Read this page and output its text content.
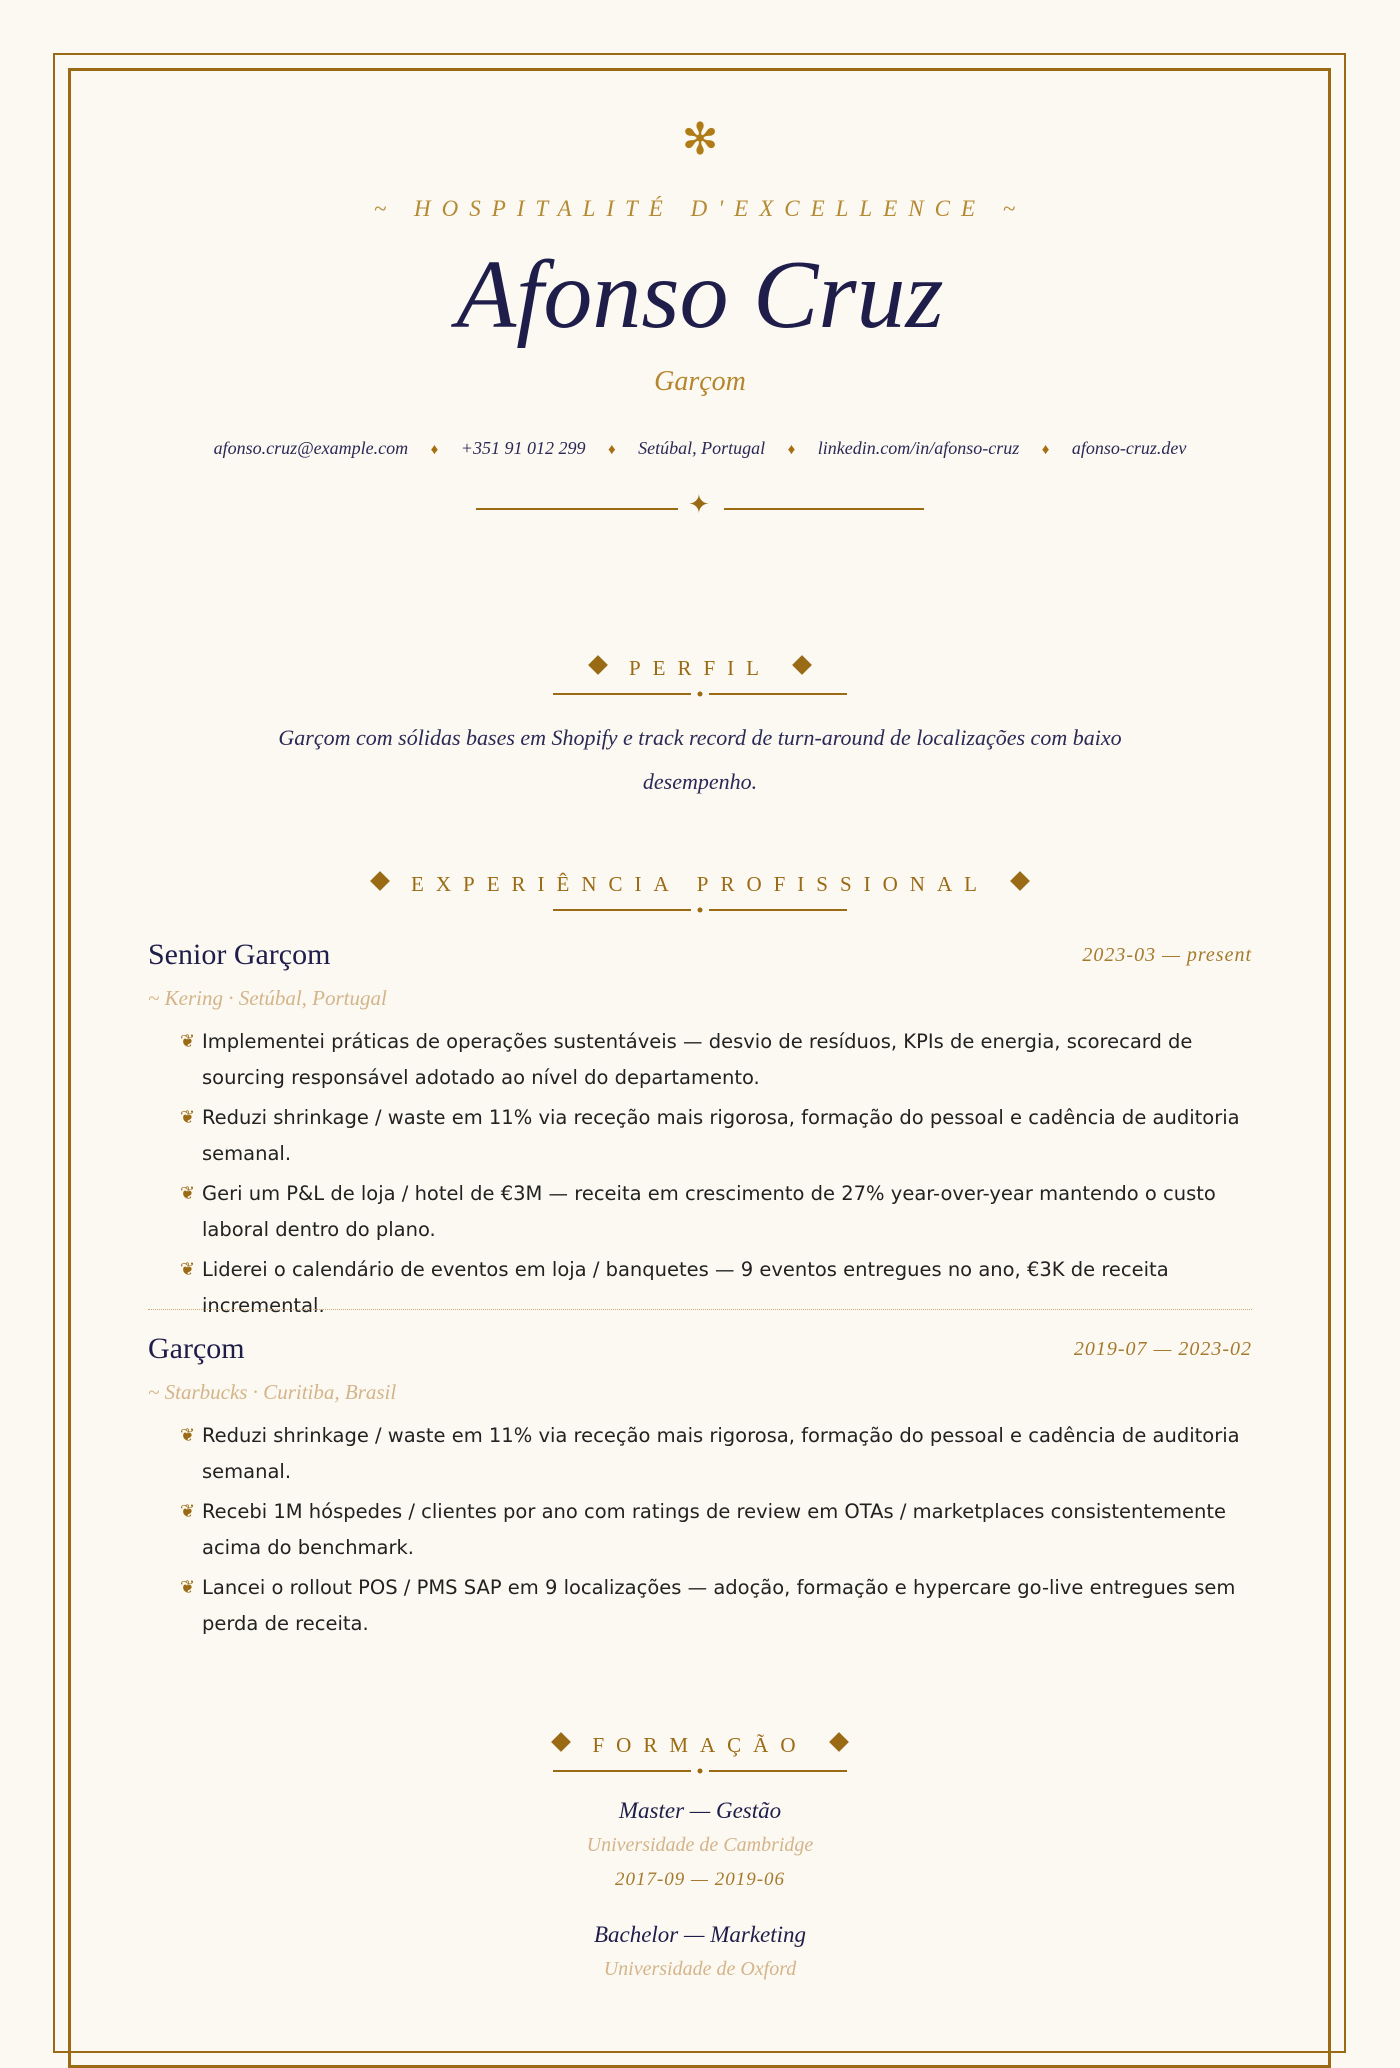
✻
~ HOSPITALITÉ D'EXCELLENCE ~
Afonso Cruz
Garçom
afonso.cruz@example.com ♦ +351 91 012 299 ♦ Setúbal, Portugal ♦ linkedin.com/in/afonso-cruz ♦ afonso-cruz.dev
✦
PERFIL
Garçom com sólidas bases em Shopify e track record de turn-around de localizações com baixo desempenho.
EXPERIÊNCIA PROFISSIONAL
Senior Garçom	2023-03 — present
~ Kering · Setúbal, Portugal
❦ Implementei práticas de operações sustentáveis — desvio de resíduos, KPIs de energia, scorecard de sourcing responsável adotado ao nível do departamento.
❦ Reduzi shrinkage / waste em 11% via receção mais rigorosa, formação do pessoal e cadência de auditoria semanal.
❦ Geri um P&L de loja / hotel de €3M — receita em crescimento de 27% year-over-year mantendo o custo laboral dentro do plano.
❦ Liderei o calendário de eventos em loja / banquetes — 9 eventos entregues no ano, €3K de receita incremental.
Garçom	2019-07 — 2023-02
~ Starbucks · Curitiba, Brasil
❦ Reduzi shrinkage / waste em 11% via receção mais rigorosa, formação do pessoal e cadência de auditoria semanal.
❦ Recebi 1M hóspedes / clientes por ano com ratings de review em OTAs / marketplaces consistentemente acima do benchmark.
❦ Lancei o rollout POS / PMS SAP em 9 localizações — adoção, formação e hypercare go-live entregues sem perda de receita.
FORMAÇÃO
Master — Gestão
Universidade de Cambridge
2017-09 — 2019-06
Bachelor — Marketing
Universidade de Oxford
